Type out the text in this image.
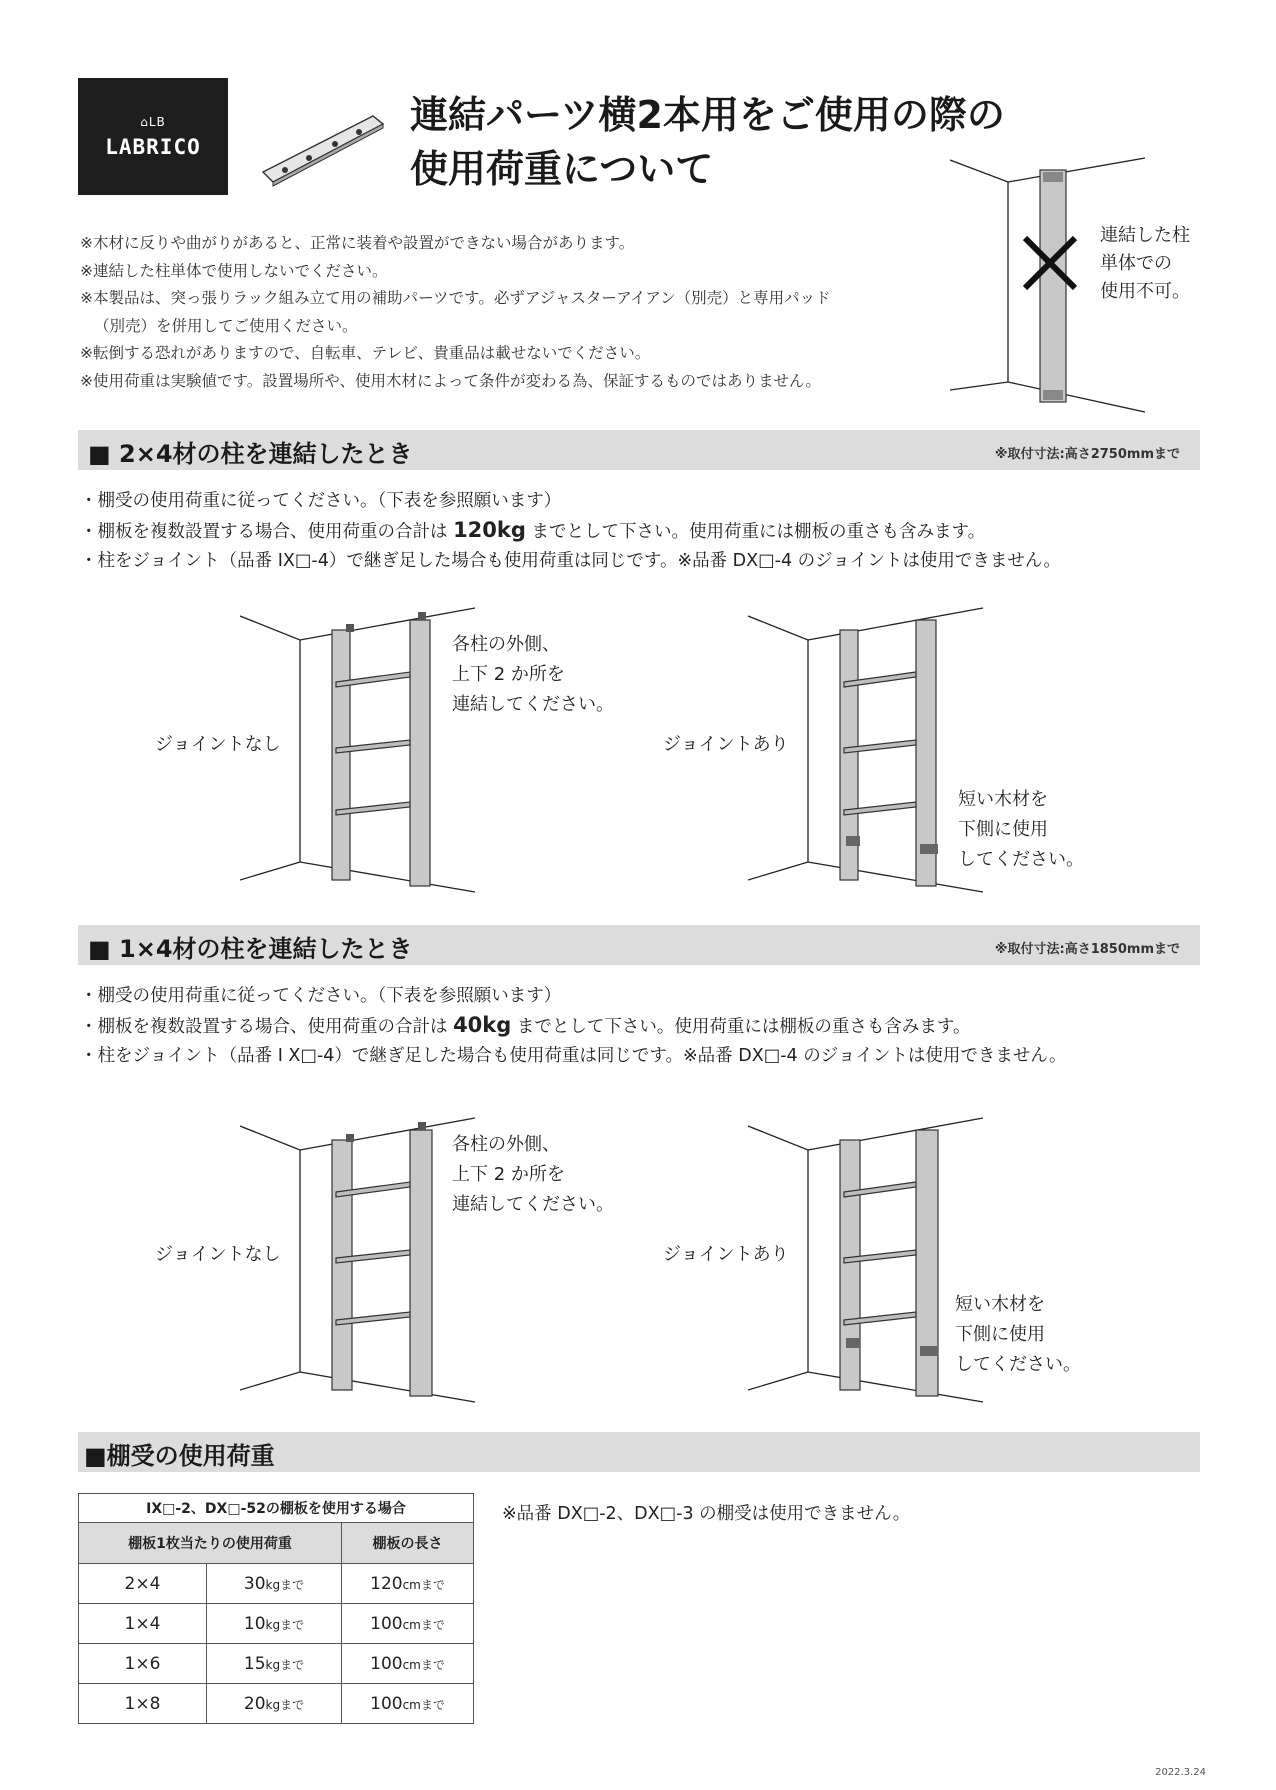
⌂LB
LABRICO
連結パーツ横2本用をご使用の際の
使用荷重について
※木材に反りや曲がりがあると、正常に装着や設置ができない場合があります。
※連結した柱単体で使用しないでください。
※本製品は、突っ張りラック組み立て用の補助パーツです。必ずアジャスターアイアン（別売）と専用パッド
（別売）を併用してご使用ください。
※転倒する恐れがありますので、自転車、テレビ、貴重品は載せないでください。
※使用荷重は実験値です。設置場所や、使用木材によって条件が変わる為、保証するものではありません。
連結した柱
単体での
使用不可。
■ 2×4材の柱を連結したとき	※取付寸法:高さ2750mmまで
・棚受の使用荷重に従ってください。（下表を参照願います）
・棚板を複数設置する場合、使用荷重の合計は 120kg までとして下さい。使用荷重には棚板の重さも含みます。
・柱をジョイント（品番 IX□-4）で継ぎ足した場合も使用荷重は同じです。※品番 DX□-4 のジョイントは使用できません。
ジョイントなし
各柱の外側、
上下 2 か所を
連結してください。
ジョイントあり
短い木材を
下側に使用
してください。
■ 1×4材の柱を連結したとき	※取付寸法:高さ1850mmまで
・棚受の使用荷重に従ってください。（下表を参照願います）
・棚板を複数設置する場合、使用荷重の合計は 40kg までとして下さい。使用荷重には棚板の重さも含みます。
・柱をジョイント（品番 I X□-4）で継ぎ足した場合も使用荷重は同じです。※品番 DX□-4 のジョイントは使用できません。
ジョイントなし
各柱の外側、
上下 2 か所を
連結してください。
ジョイントあり
短い木材を
下側に使用
してください。
■棚受の使用荷重
※品番 DX□-2、DX□-3 の棚受は使用できません。
IX□-2、DX□-52の棚板を使用する場合		
棚板1枚当たりの使用荷重		棚板の長さ
2×4	30kgまで	120cmまで
1×4	10kgまで	100cmまで
1×6	15kgまで	100cmまで
1×8	20kgまで	100cmまで
2022.3.24
